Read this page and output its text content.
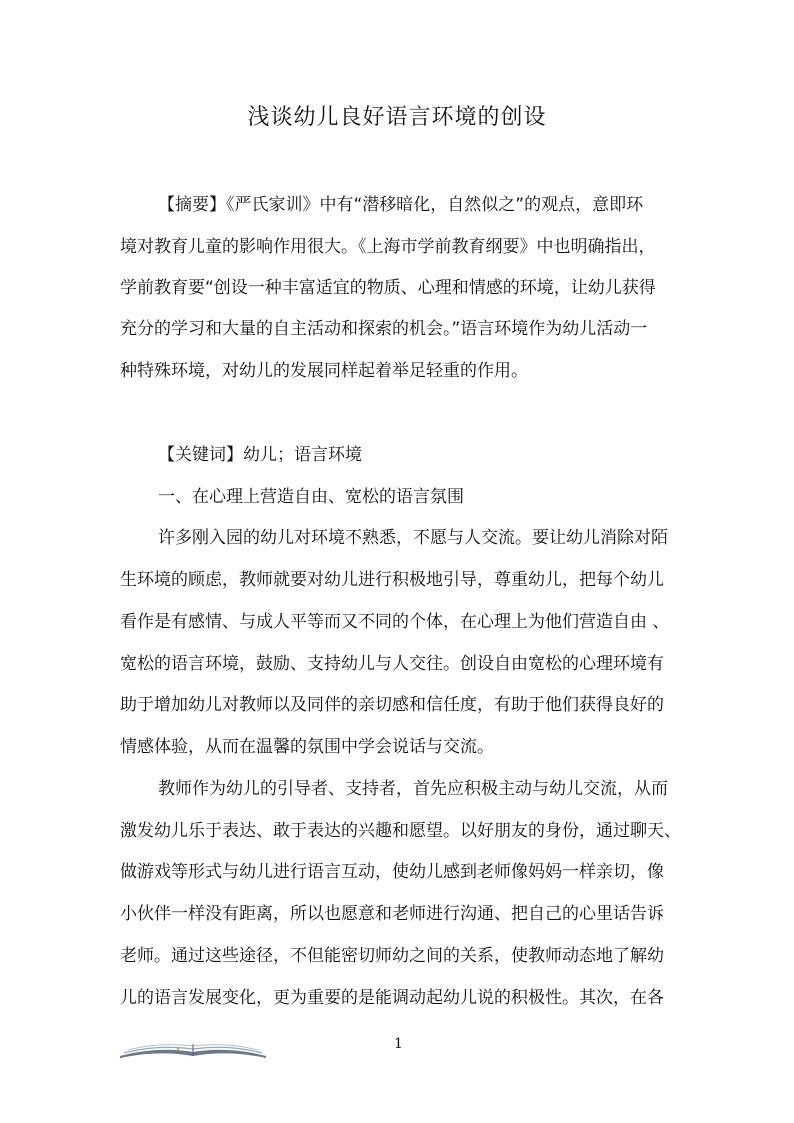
浅谈幼儿良好语言环境的创设

【摘要】《严氏家训》中有“潜移暗化，自然似之”的观点，意即环

境对教育儿童的影响作用很大。《上海市学前教育纲要》中也明确指出，

学前教育要“创设一种丰富适宜的物质、心理和情感的环境，让幼儿获得

充分的学习和大量的自主活动和探索的机会。”语言环境作为幼儿活动一

种特殊环境，对幼儿的发展同样起着举足轻重的作用。

【关键词】幼儿；语言环境

一、在心理上营造自由、宽松的语言氛围

许多刚入园的幼儿对环境不熟悉，不愿与人交流。要让幼儿消除对陌

生环境的顾虑，教师就要对幼儿进行积极地引导，尊重幼儿，把每个幼儿

看作是有感情、与成人平等而又不同的个体，在心理上为他们营造自由 、

宽松的语言环境，鼓励、支持幼儿与人交往。创设自由宽松的心理环境有

助于增加幼儿对教师以及同伴的亲切感和信任度，有助于他们获得良好的

情感体验，从而在温馨的氛围中学会说话与交流。

教师作为幼儿的引导者、支持者，首先应积极主动与幼儿交流，从而

激发幼儿乐于表达、敢于表达的兴趣和愿望。以好朋友的身份，通过聊天、

做游戏等形式与幼儿进行语言互动，使幼儿感到老师像妈妈一样亲切，像

小伙伴一样没有距离，所以也愿意和老师进行沟通、把自己的心里话告诉

老师。通过这些途径，不但能密切师幼之间的关系，使教师动态地了解幼

儿的语言发展变化，更为重要的是能调动起幼儿说的积极性。其次，在各

1
